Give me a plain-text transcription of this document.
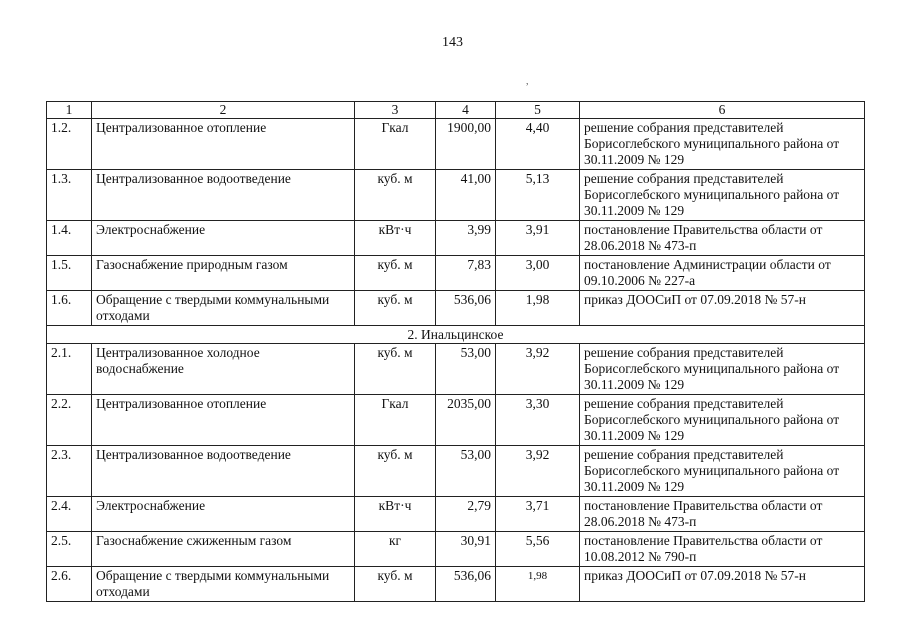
143
,
1	2	3	4	5	6
1.2.	Централизованное отопление	Гкал	1900,00	4,40	решение собрания представителей Борисоглебского муниципального района от 30.11.2009 № 129
1.3.	Централизованное водоотведение	куб. м	41,00	5,13	решение собрания представителей Борисоглебского муниципального района от 30.11.2009 № 129
1.4.	Электроснабжение	кВт·ч	3,99	3,91	постановление Правительства области от 28.06.2018 № 473-п
1.5.	Газоснабжение природным газом	куб. м	7,83	3,00	постановление Администрации области от 09.10.2006 № 227-а
1.6.	Обращение с твердыми коммунальными отходами	куб. м	536,06	1,98	приказ ДООСиП от 07.09.2018 № 57-н
2. Инальцинское					
2.1.	Централизованное холодное водоснабжение	куб. м	53,00	3,92	решение собрания представителей Борисоглебского муниципального района от 30.11.2009 № 129
2.2.	Централизованное отопление	Гкал	2035,00	3,30	решение собрания представителей Борисоглебского муниципального района от 30.11.2009 № 129
2.3.	Централизованное водоотведение	куб. м	53,00	3,92	решение собрания представителей Борисоглебского муниципального района от 30.11.2009 № 129
2.4.	Электроснабжение	кВт·ч	2,79	3,71	постановление Правительства области от 28.06.2018 № 473-п
2.5.	Газоснабжение сжиженным газом	кг	30,91	5,56	постановление Правительства области от 10.08.2012 № 790-п
2.6.	Обращение с твердыми коммунальными отходами	куб. м	536,06	1,98	приказ ДООСиП от 07.09.2018 № 57-н
